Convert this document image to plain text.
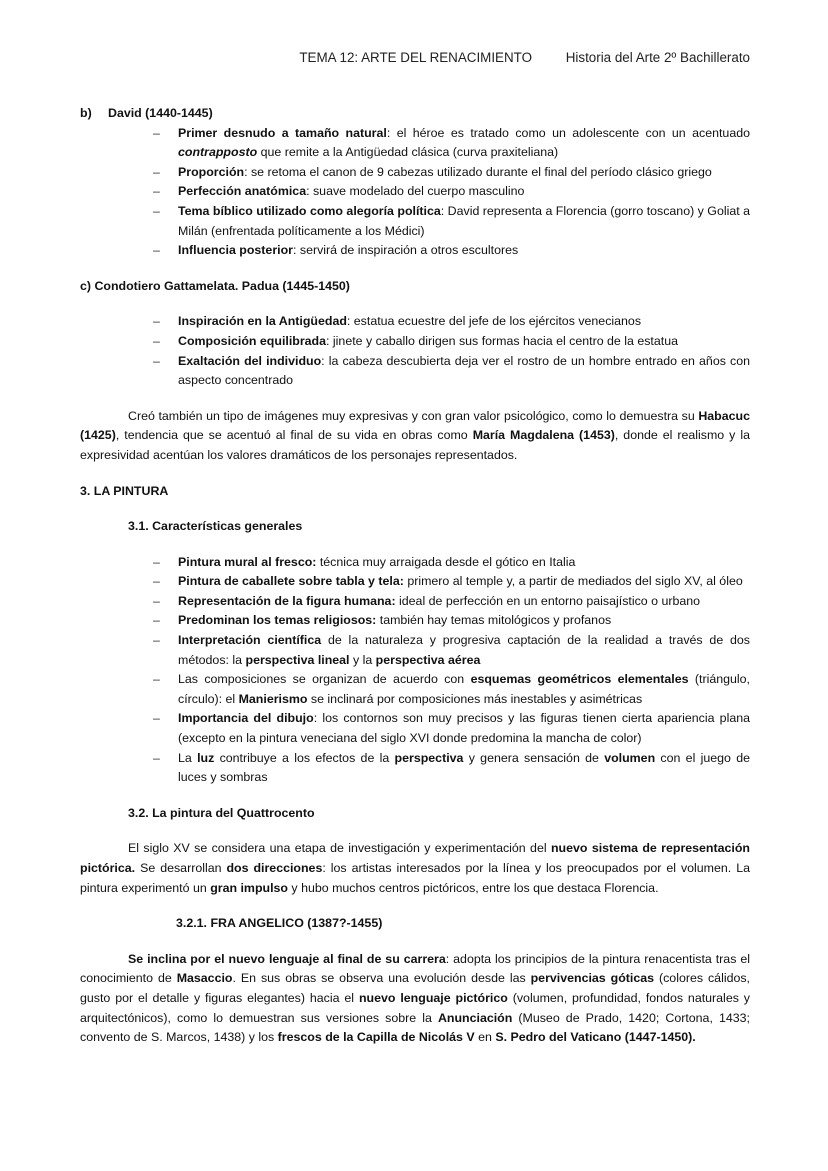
TEMA 12: ARTE DEL RENACIMIENTO	Historia del Arte 2º Bachillerato

b) David (1440-1445)

– Primer desnudo a tamaño natural: el héroe es tratado como un adolescente con un acentuado contrapposto que remite a la Antigüedad clásica (curva praxiteliana)
– Proporción: se retoma el canon de 9 cabezas utilizado durante el final del período clásico griego
– Perfección anatómica: suave modelado del cuerpo masculino
– Tema bíblico utilizado como alegoría política: David representa a Florencia (gorro toscano) y Goliat a Milán (enfrentada políticamente a los Médici)
– Influencia posterior: servirá de inspiración a otros escultores

c) Condotiero Gattamelata. Padua (1445-1450)

– Inspiración en la Antigüedad: estatua ecuestre del jefe de los ejércitos venecianos
– Composición equilibrada: jinete y caballo dirigen sus formas hacia el centro de la estatua
– Exaltación del individuo: la cabeza descubierta deja ver el rostro de un hombre entrado en años con aspecto concentrado

Creó también un tipo de imágenes muy expresivas y con gran valor psicológico, como lo demuestra su Habacuc (1425), tendencia que se acentuó al final de su vida en obras como María Magdalena (1453), donde el realismo y la expresividad acentúan los valores dramáticos de los personajes representados.

3. LA PINTURA

3.1. Características generales

– Pintura mural al fresco: técnica muy arraigada desde el gótico en Italia
– Pintura de caballete sobre tabla y tela: primero al temple y, a partir de mediados del siglo XV, al óleo
– Representación de la figura humana: ideal de perfección en un entorno paisajístico o urbano
– Predominan los temas religiosos: también hay temas mitológicos y profanos
– Interpretación científica de la naturaleza y progresiva captación de la realidad a través de dos métodos: la perspectiva lineal y la perspectiva aérea
– Las composiciones se organizan de acuerdo con esquemas geométricos elementales (triángulo, círculo): el Manierismo se inclinará por composiciones más inestables y asimétricas
– Importancia del dibujo: los contornos son muy precisos y las figuras tienen cierta apariencia plana (excepto en la pintura veneciana del siglo XVI donde predomina la mancha de color)
– La luz contribuye a los efectos de la perspectiva y genera sensación de volumen con el juego de luces y sombras

3.2. La pintura del Quattrocento

El siglo XV se considera una etapa de investigación y experimentación del nuevo sistema de representación pictórica. Se desarrollan dos direcciones: los artistas interesados por la línea y los preocupados por el volumen. La pintura experimentó un gran impulso y hubo muchos centros pictóricos, entre los que destaca Florencia.

3.2.1. FRA ANGELICO (1387?-1455)

Se inclina por el nuevo lenguaje al final de su carrera: adopta los principios de la pintura renacentista tras el conocimiento de Masaccio. En sus obras se observa una evolución desde las pervivencias góticas (colores cálidos, gusto por el detalle y figuras elegantes) hacia el nuevo lenguaje pictórico (volumen, profundidad, fondos naturales y arquitectónicos), como lo demuestran sus versiones sobre la Anunciación (Museo de Prado, 1420; Cortona, 1433; convento de S. Marcos, 1438) y los frescos de la Capilla de Nicolás V en S. Pedro del Vaticano (1447-1450).
